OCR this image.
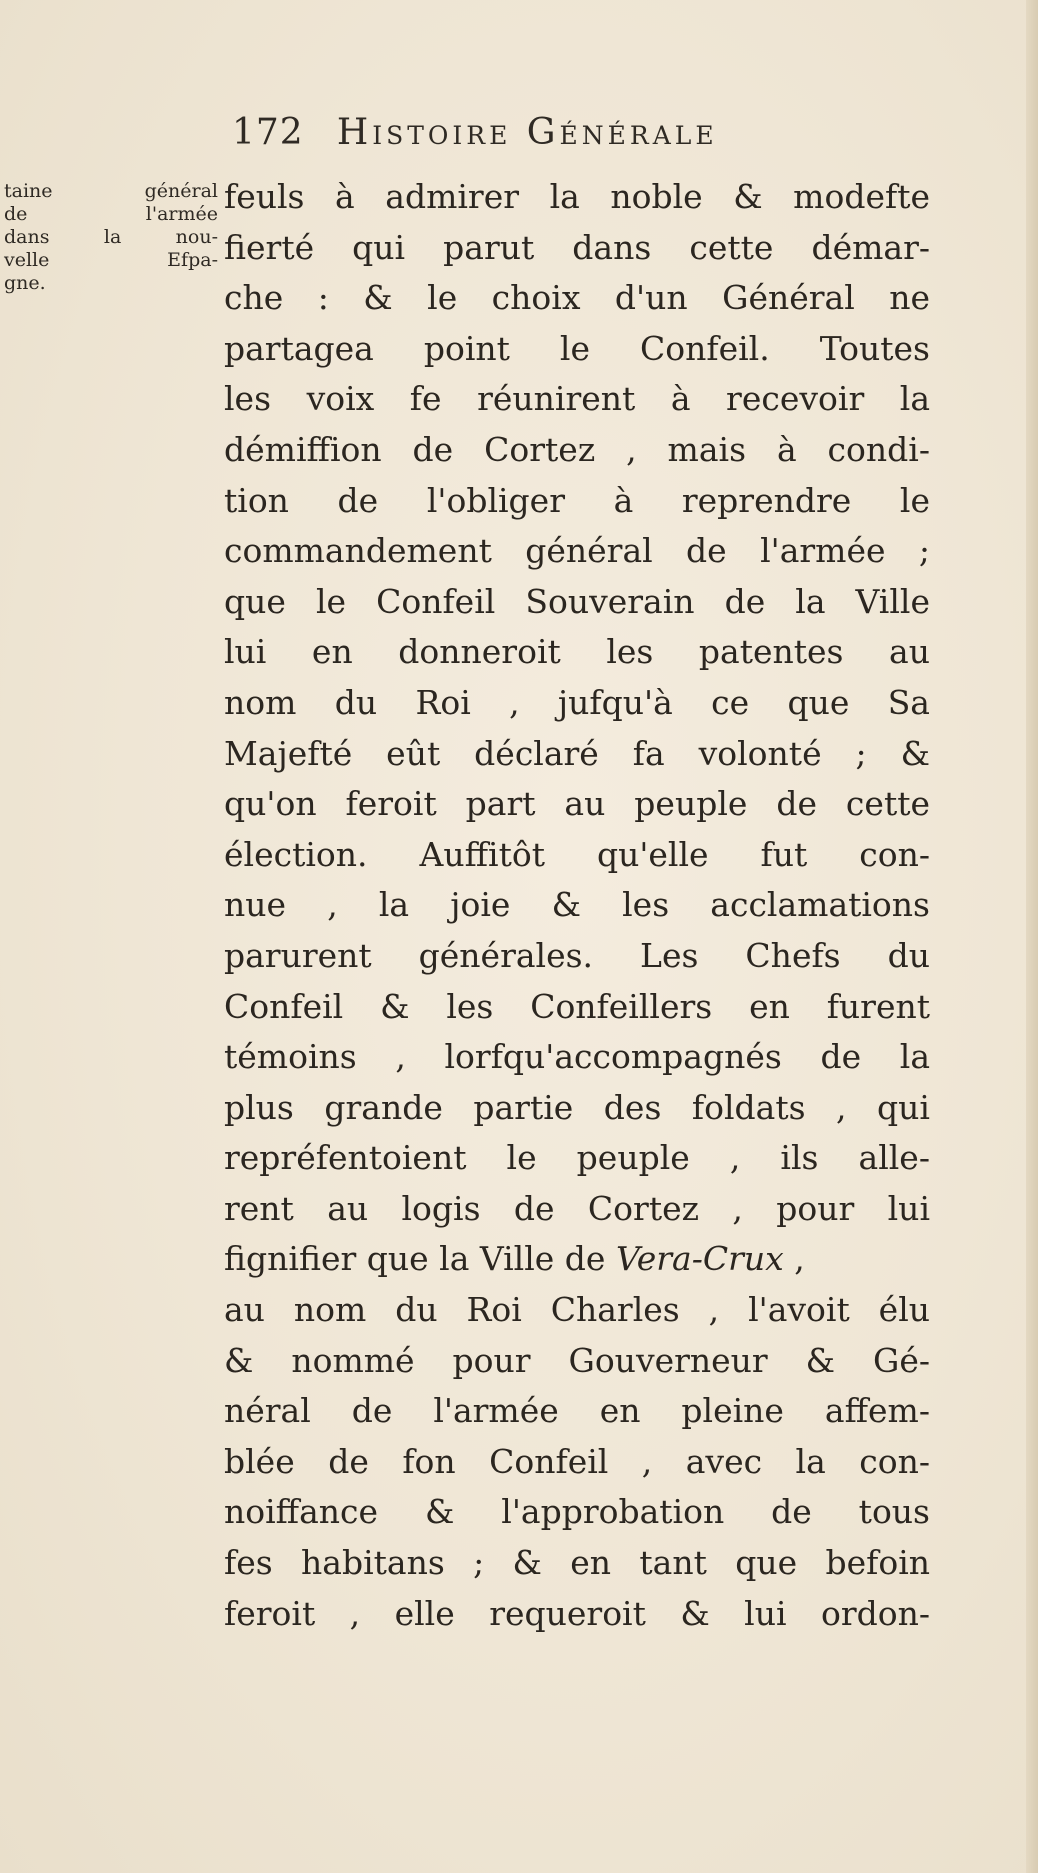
172 Histoire Générale
taine général
de l'armée
dans la nou-
velle Efpa-
gne.
feuls à admirer la noble & modefte
fierté qui parut dans cette démar-
che : & le choix d'un Général ne
partagea point le Confeil. Toutes
les voix fe réunirent à recevoir la
démiffion de Cortez , mais à condi-
tion de l'obliger à reprendre le
commandement général de l'armée ;
que le Confeil Souverain de la Ville
lui en donneroit les patentes au
nom du Roi , jufqu'à ce que Sa
Majefté eût déclaré fa volonté ; &
qu'on feroit part au peuple de cette
élection. Auffitôt qu'elle fut con-
nue , la joie & les acclamations
parurent générales. Les Chefs du
Confeil & les Confeillers en furent
témoins , lorfqu'accompagnés de la
plus grande partie des foldats , qui
repréfentoient le peuple , ils alle-
rent au logis de Cortez , pour lui
fignifier que la Ville de Vera-Crux ,
au nom du Roi Charles , l'avoit élu
& nommé pour Gouverneur & Gé-
néral de l'armée en pleine affem-
blée de fon Confeil , avec la con-
noiffance & l'approbation de tous
fes habitans ; & en tant que befoin
feroit , elle requeroit & lui ordon-
